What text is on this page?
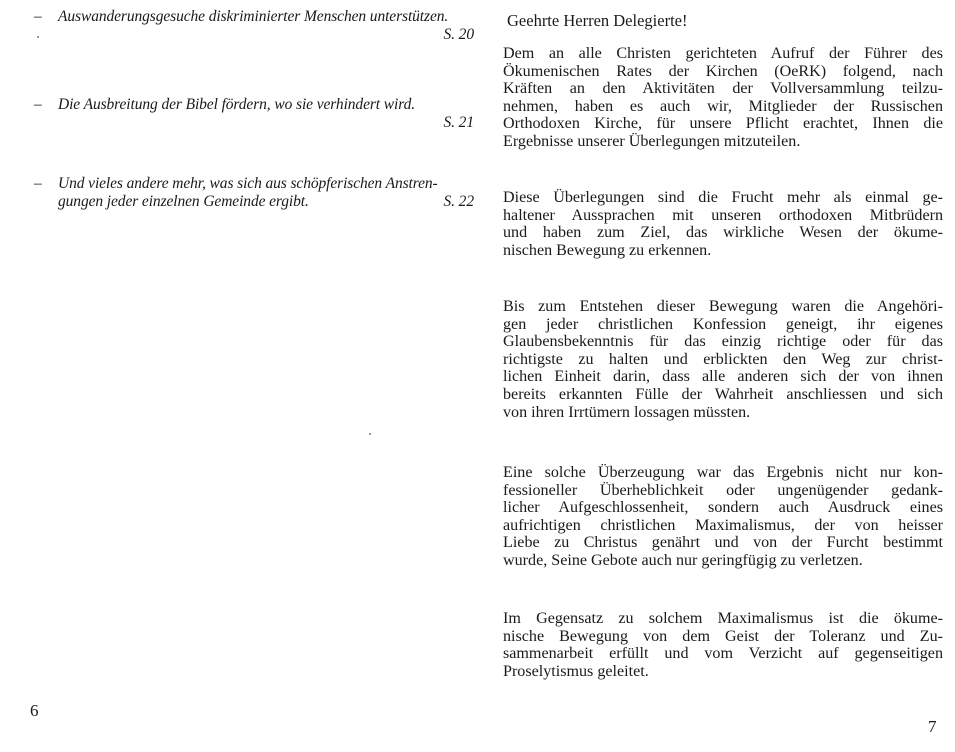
–	Auswanderungsgesuche diskriminierter Menschen unterstützen.
S. 20
–	Die Ausbreitung der Bibel fördern, wo sie verhindert wird.
S. 21
–	Und vieles andere mehr, was sich aus schöpferischen Anstren-
gungen jeder einzelnen Gemeinde ergibt.	S. 22
6
Geehrte Herren Delegierte!
Dem an alle Christen gerichteten Aufruf der Führer des
Ökumenischen Rates der Kirchen (OeRK) folgend, nach
Kräften an den Aktivitäten der Vollversammlung teilzu-
nehmen, haben es auch wir, Mitglieder der Russischen
Orthodoxen Kirche, für unsere Pflicht erachtet, Ihnen die
Ergebnisse unserer Überlegungen mitzuteilen.
Diese Überlegungen sind die Frucht mehr als einmal ge-
haltener Aussprachen mit unseren orthodoxen Mitbrüdern
und haben zum Ziel, das wirkliche Wesen der ökume-
nischen Bewegung zu erkennen.
Bis zum Entstehen dieser Bewegung waren die Angehöri-
gen jeder christlichen Konfession geneigt, ihr eigenes
Glaubensbekenntnis für das einzig richtige oder für das
richtigste zu halten und erblickten den Weg zur christ-
lichen Einheit darin, dass alle anderen sich der von ihnen
bereits erkannten Fülle der Wahrheit anschliessen und sich
von ihren Irrtümern lossagen müssten.
Eine solche Überzeugung war das Ergebnis nicht nur kon-
fessioneller Überheblichkeit oder ungenügender gedank-
licher Aufgeschlossenheit, sondern auch Ausdruck eines
aufrichtigen christlichen Maximalismus, der von heisser
Liebe zu Christus genährt und von der Furcht bestimmt
wurde, Seine Gebote auch nur geringfügig zu verletzen.
Im Gegensatz zu solchem Maximalismus ist die ökume-
nische Bewegung von dem Geist der Toleranz und Zu-
sammenarbeit erfüllt und vom Verzicht auf gegenseitigen
Proselytismus geleitet.
7
